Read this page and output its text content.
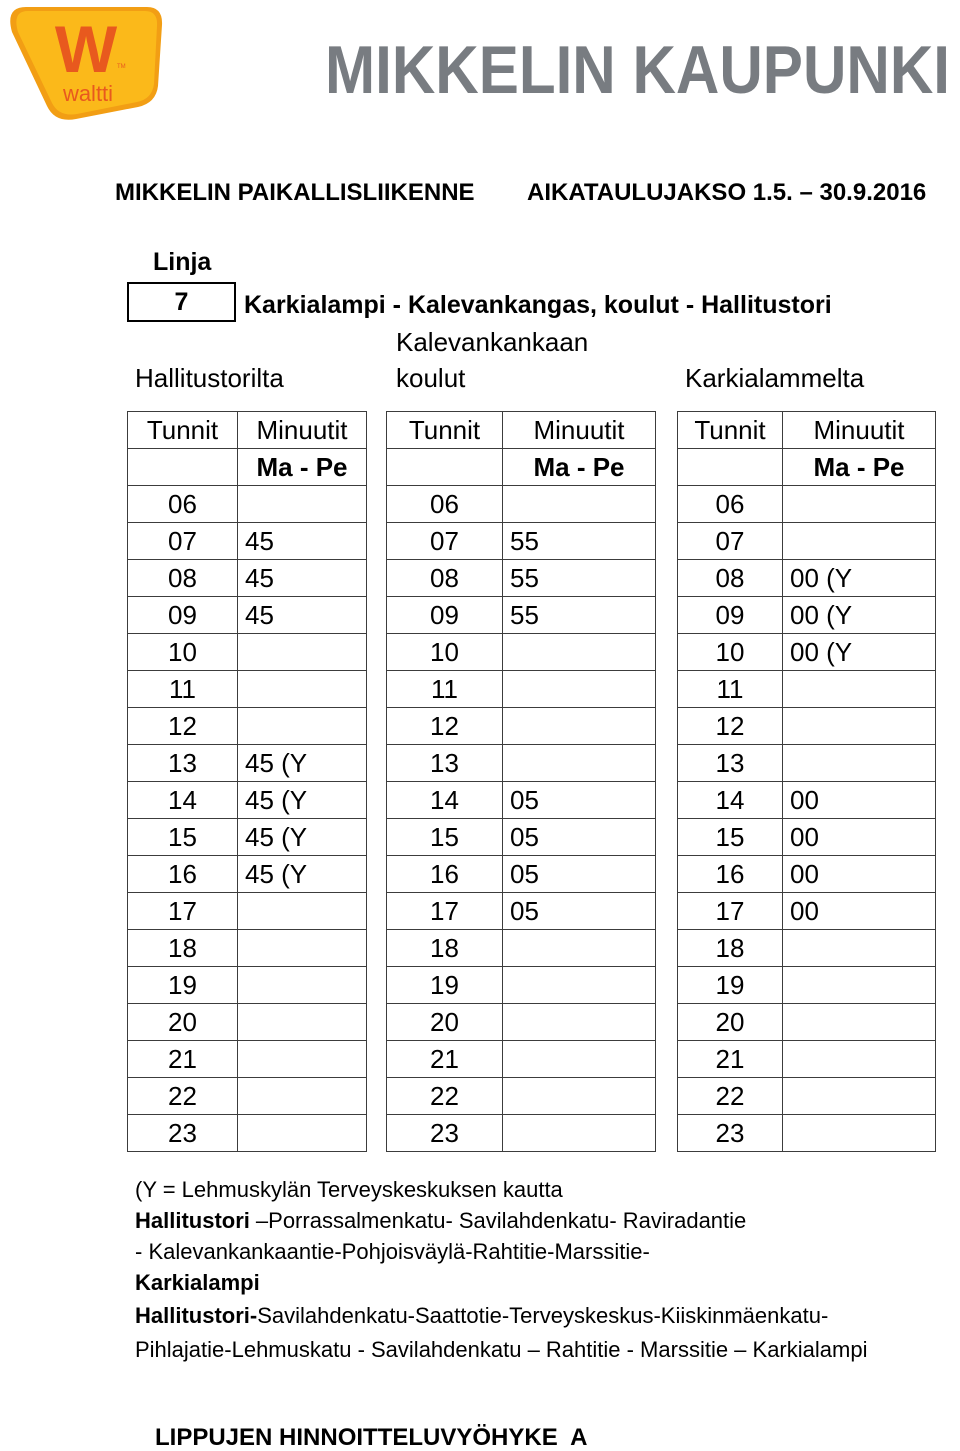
W TM
waltti	MIKKELIN KAUPUNKI
MIKKELIN PAIKALLISLIIKENNE AIKATAULUJAKSO 1.5. – 30.9.2016
Linja
7	Karkialampi - Kalevankangas, koulut - Hallitustori
Hallitustorilta
Kalevankankaan
koulut	Karkialammelta
Tunnit	Minuutit
Ma - Pe
06
07	45
08	45
09	45
10
11
12
13	45 (Y
14	45 (Y
15	45 (Y
16	45 (Y
17
18
19
20
21
22
23
Tunnit	Minuutit
Ma - Pe
06
07	55
08	55
09	55
10
11
12
13
14	05
15	05
16	05
17	05
18
19
20
21
22
23
Tunnit	Minuutit
Ma - Pe
06
07
08	00 (Y
09	00 (Y
10	00 (Y
11
12
13
14	00
15	00
16	00
17	00
18
19
20
21
22
23
(Y = Lehmuskylän Terveyskeskuksen kautta
Hallitustori –Porrassalmenkatu- Savilahdenkatu- Raviradantie
- Kalevankankaantie-Pohjoisväylä-Rahtitie-Marssitie-
Karkialampi
Hallitustori-Savilahdenkatu-Saattotie-Terveyskeskus-Kiiskinmäenkatu-
Pihlajatie-Lehmuskatu - Savilahdenkatu – Rahtitie - Marssitie – Karkialampi
LIPPUJEN HINNOITTELUVYÖHYKE  A
